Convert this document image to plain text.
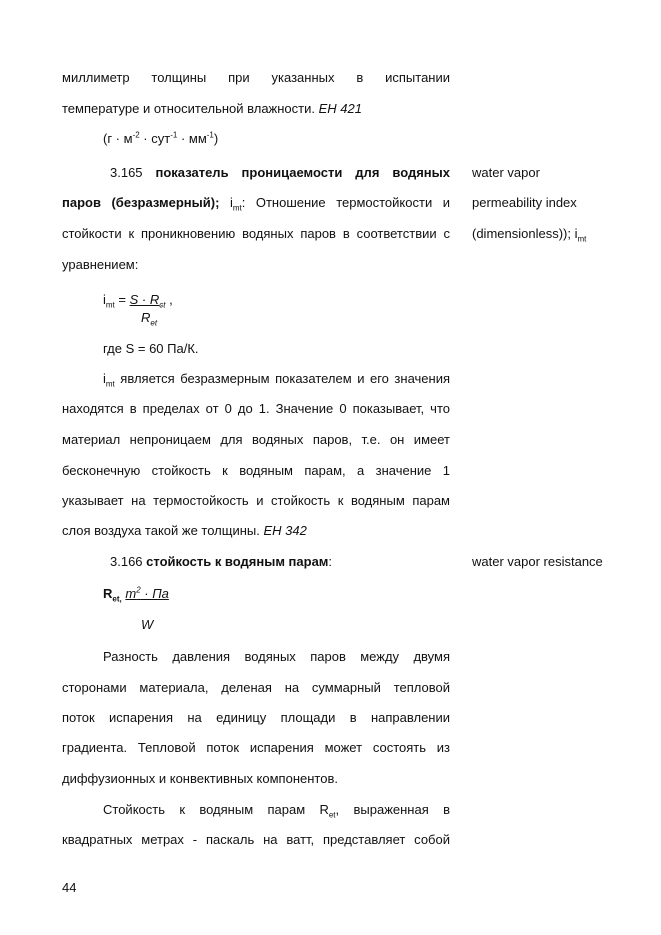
миллиметр толщины при указанных в испытании
температуре и относительной влажности. ЕН 421
$(г \cdot м^{-2} \cdot сут^{-1} \cdot мм^{-1})$
3.165 показатель проницаемости для водяных
паров (безразмерный); $i_{mt}$: Отношение термостойкости и
стойкости к проникновению водяных паров в соответствии с
уравнением:
$i_{mt} = S \cdot R_{ct}$ ,
$R_{et}$
где S = 60 Па/К.
$i_{mt}$ является безразмерным показателем и его значения
находятся в пределах от 0 до 1. Значение 0 показывает, что
материал непроницаем для водяных паров, т.е. он имеет
бесконечную стойкость к водяным парам, а значение 1
указывает на термостойкость и стойкость к водяным парам
слоя воздуха такой же толщины. ЕН 342
3.166 стойкость к водяным парам:
$R_{et,}$ $m^2$ · Па
W
Разность давления водяных паров между двумя
сторонами материала, деленая на суммарный тепловой
поток испарения на единицу площади в направлении
градиента. Тепловой поток испарения может состоять из
диффузионных и конвективных компонентов.
Стойкость к водяным парам $R_{et}$, выраженная в
квадратных метрах - паскаль на ватт, представляет собой
water vapor
permeability index
(dimensionless)); $i_{mt}$
water vapor resistance
44
